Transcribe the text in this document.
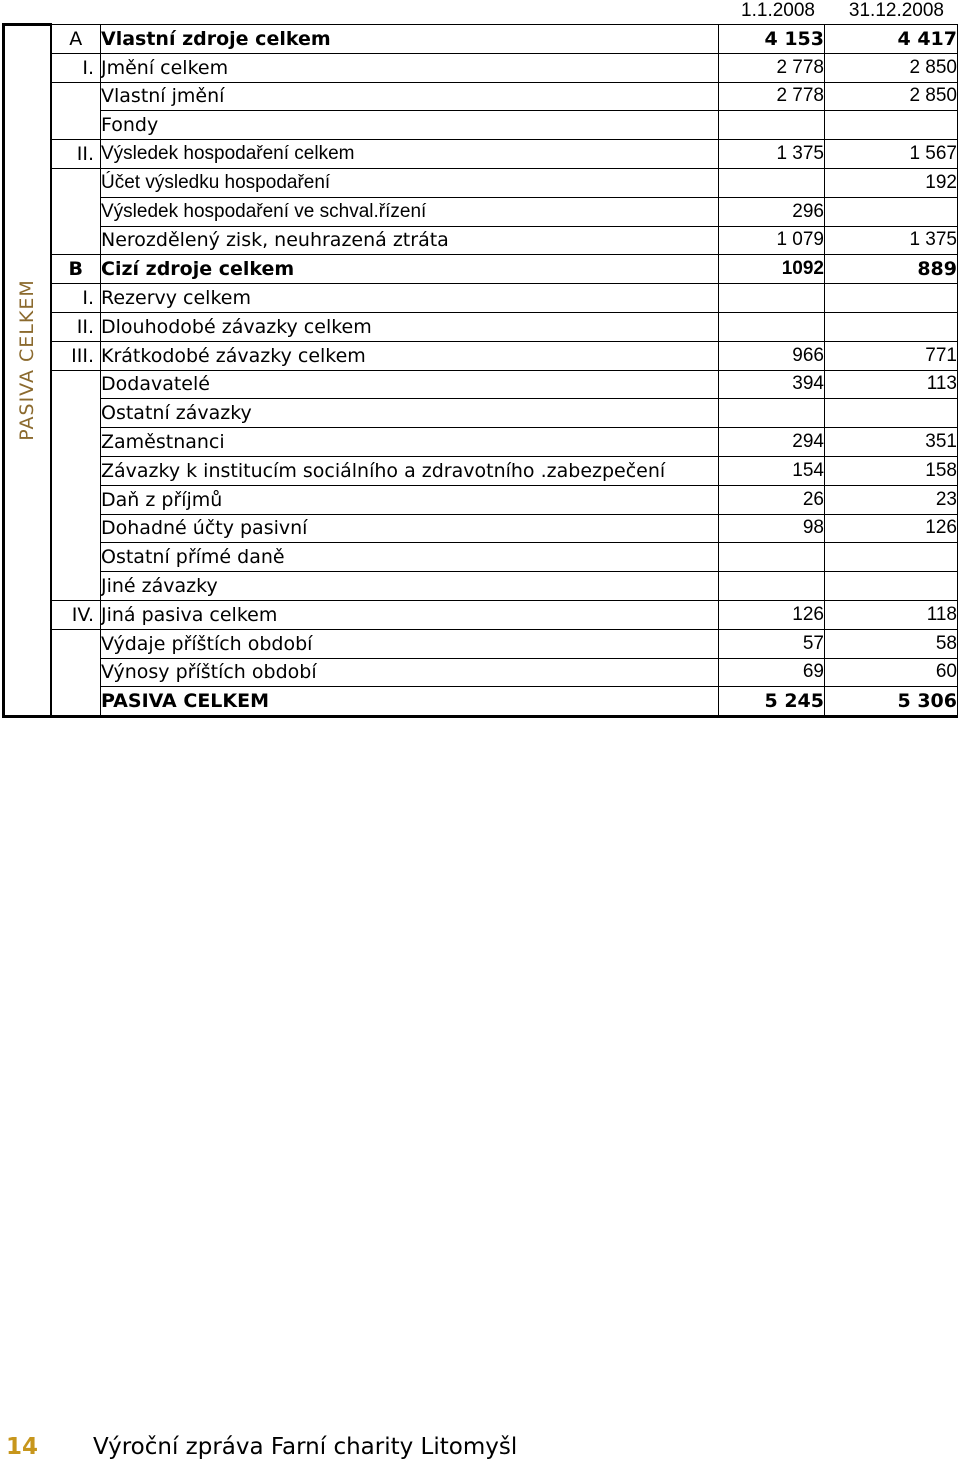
1.1.2008	31.12.2008
PASIVA CELKEM	A	Vlastní zdroje celkem	4 153	4 417
	I.	Jmění celkem	2 778	2 850
		Vlastní jmění	2 778	2 850
		Fondy		
	II.	Výsledek hospodaření celkem	1 375	1 567
		Účet výsledku hospodaření		192
		Výsledek hospodaření ve schval.řízení	296	
		Nerozdělený zisk, neuhrazená ztráta	1 079	1 375
	B	Cizí zdroje celkem	1092	889
	I.	Rezervy celkem		
	II.	Dlouhodobé závazky celkem		
	III.	Krátkodobé závazky celkem	966	771
		Dodavatelé	394	113
		Ostatní závazky		
		Zaměstnanci	294	351
		Závazky k institucím sociálního a zdravotního .zabezpečení	154	158
		Daň z příjmů	26	23
		Dohadné účty pasivní	98	126
		Ostatní přímé daně		
		Jiné závazky		
	IV.	Jiná pasiva celkem	126	118
		Výdaje příštích období	57	58
		Výnosy příštích období	69	60
		PASIVA CELKEM	5 245	5 306
14 Výroční zpráva Farní charity Litomyšl
